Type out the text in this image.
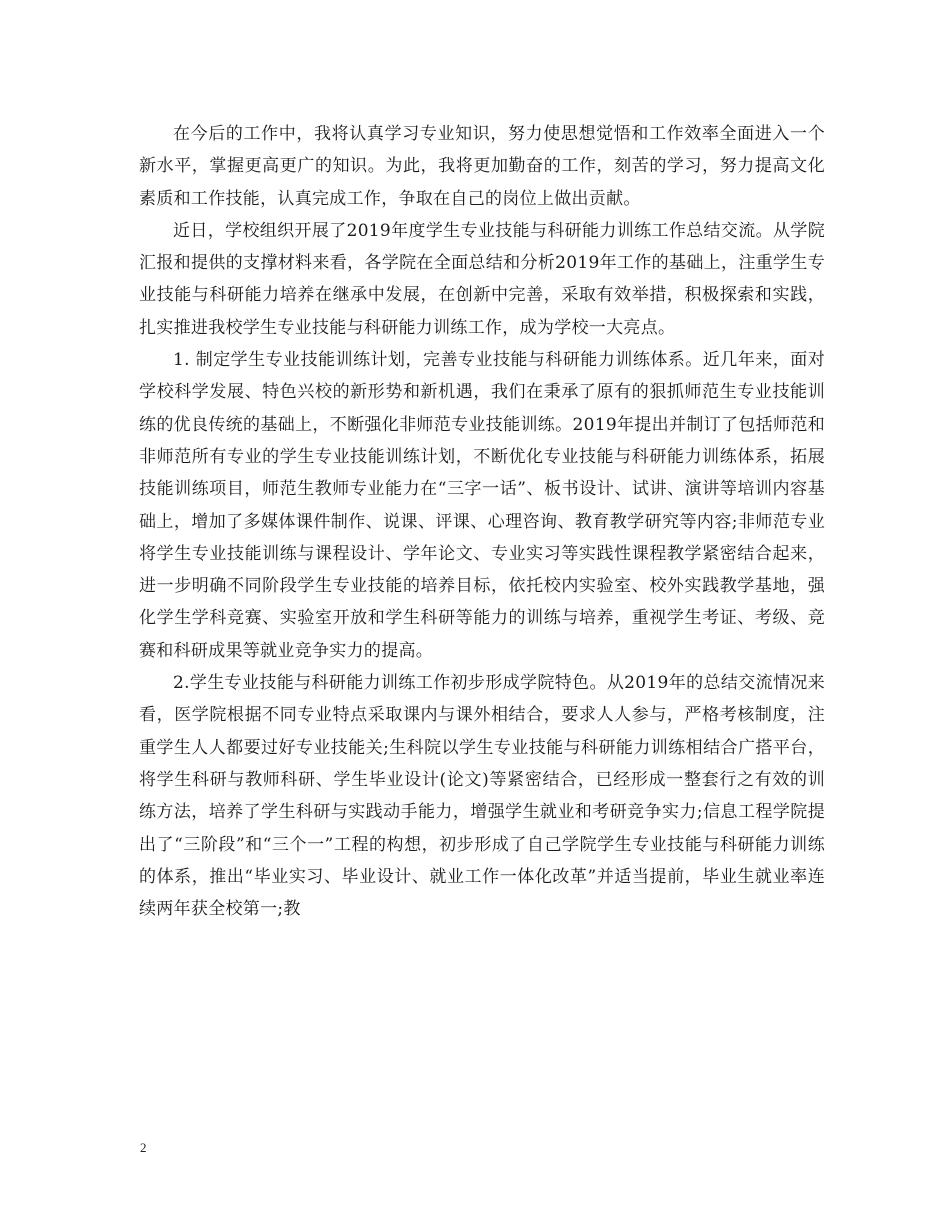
在今后的工作中，我将认真学习专业知识，努力使思想觉悟和工作效率全面进入一个新水平，掌握更高更广的知识。为此，我将更加勤奋的工作，刻苦的学习，努力提高文化素质和工作技能，认真完成工作，争取在自己的岗位上做出贡献。

近日，学校组织开展了2019年度学生专业技能与科研能力训练工作总结交流。从学院汇报和提供的支撑材料来看，各学院在全面总结和分析2019年工作的基础上，注重学生专业技能与科研能力培养在继承中发展，在创新中完善，采取有效举措，积极探索和实践，扎实推进我校学生专业技能与科研能力训练工作，成为学校一大亮点。

1. 制定学生专业技能训练计划，完善专业技能与科研能力训练体系。近几年来，面对学校科学发展、特色兴校的新形势和新机遇，我们在秉承了原有的狠抓师范生专业技能训练的优良传统的基础上，不断强化非师范专业技能训练。2019年提出并制订了包括师范和非师范所有专业的学生专业技能训练计划，不断优化专业技能与科研能力训练体系，拓展技能训练项目，师范生教师专业能力在“三字一话”、板书设计、试讲、演讲等培训内容基础上，增加了多媒体课件制作、说课、评课、心理咨询、教育教学研究等内容;非师范专业将学生专业技能训练与课程设计、学年论文、专业实习等实践性课程教学紧密结合起来，进一步明确不同阶段学生专业技能的培养目标，依托校内实验室、校外实践教学基地，强化学生学科竞赛、实验室开放和学生科研等能力的训练与培养，重视学生考证、考级、竞赛和科研成果等就业竞争实力的提高。

2.学生专业技能与科研能力训练工作初步形成学院特色。从2019年的总结交流情况来看，医学院根据不同专业特点采取课内与课外相结合，要求人人参与，严格考核制度，注重学生人人都要过好专业技能关;生科院以学生专业技能与科研能力训练相结合广搭平台，将学生科研与教师科研、学生毕业设计(论文)等紧密结合，已经形成一整套行之有效的训练方法，培养了学生科研与实践动手能力，增强学生就业和考研竞争实力;信息工程学院提出了“三阶段”和“三个一”工程的构想，初步形成了自己学院学生专业技能与科研能力训练的体系，推出“毕业实习、毕业设计、就业工作一体化改革”并适当提前，毕业生就业率连续两年获全校第一;教

2
